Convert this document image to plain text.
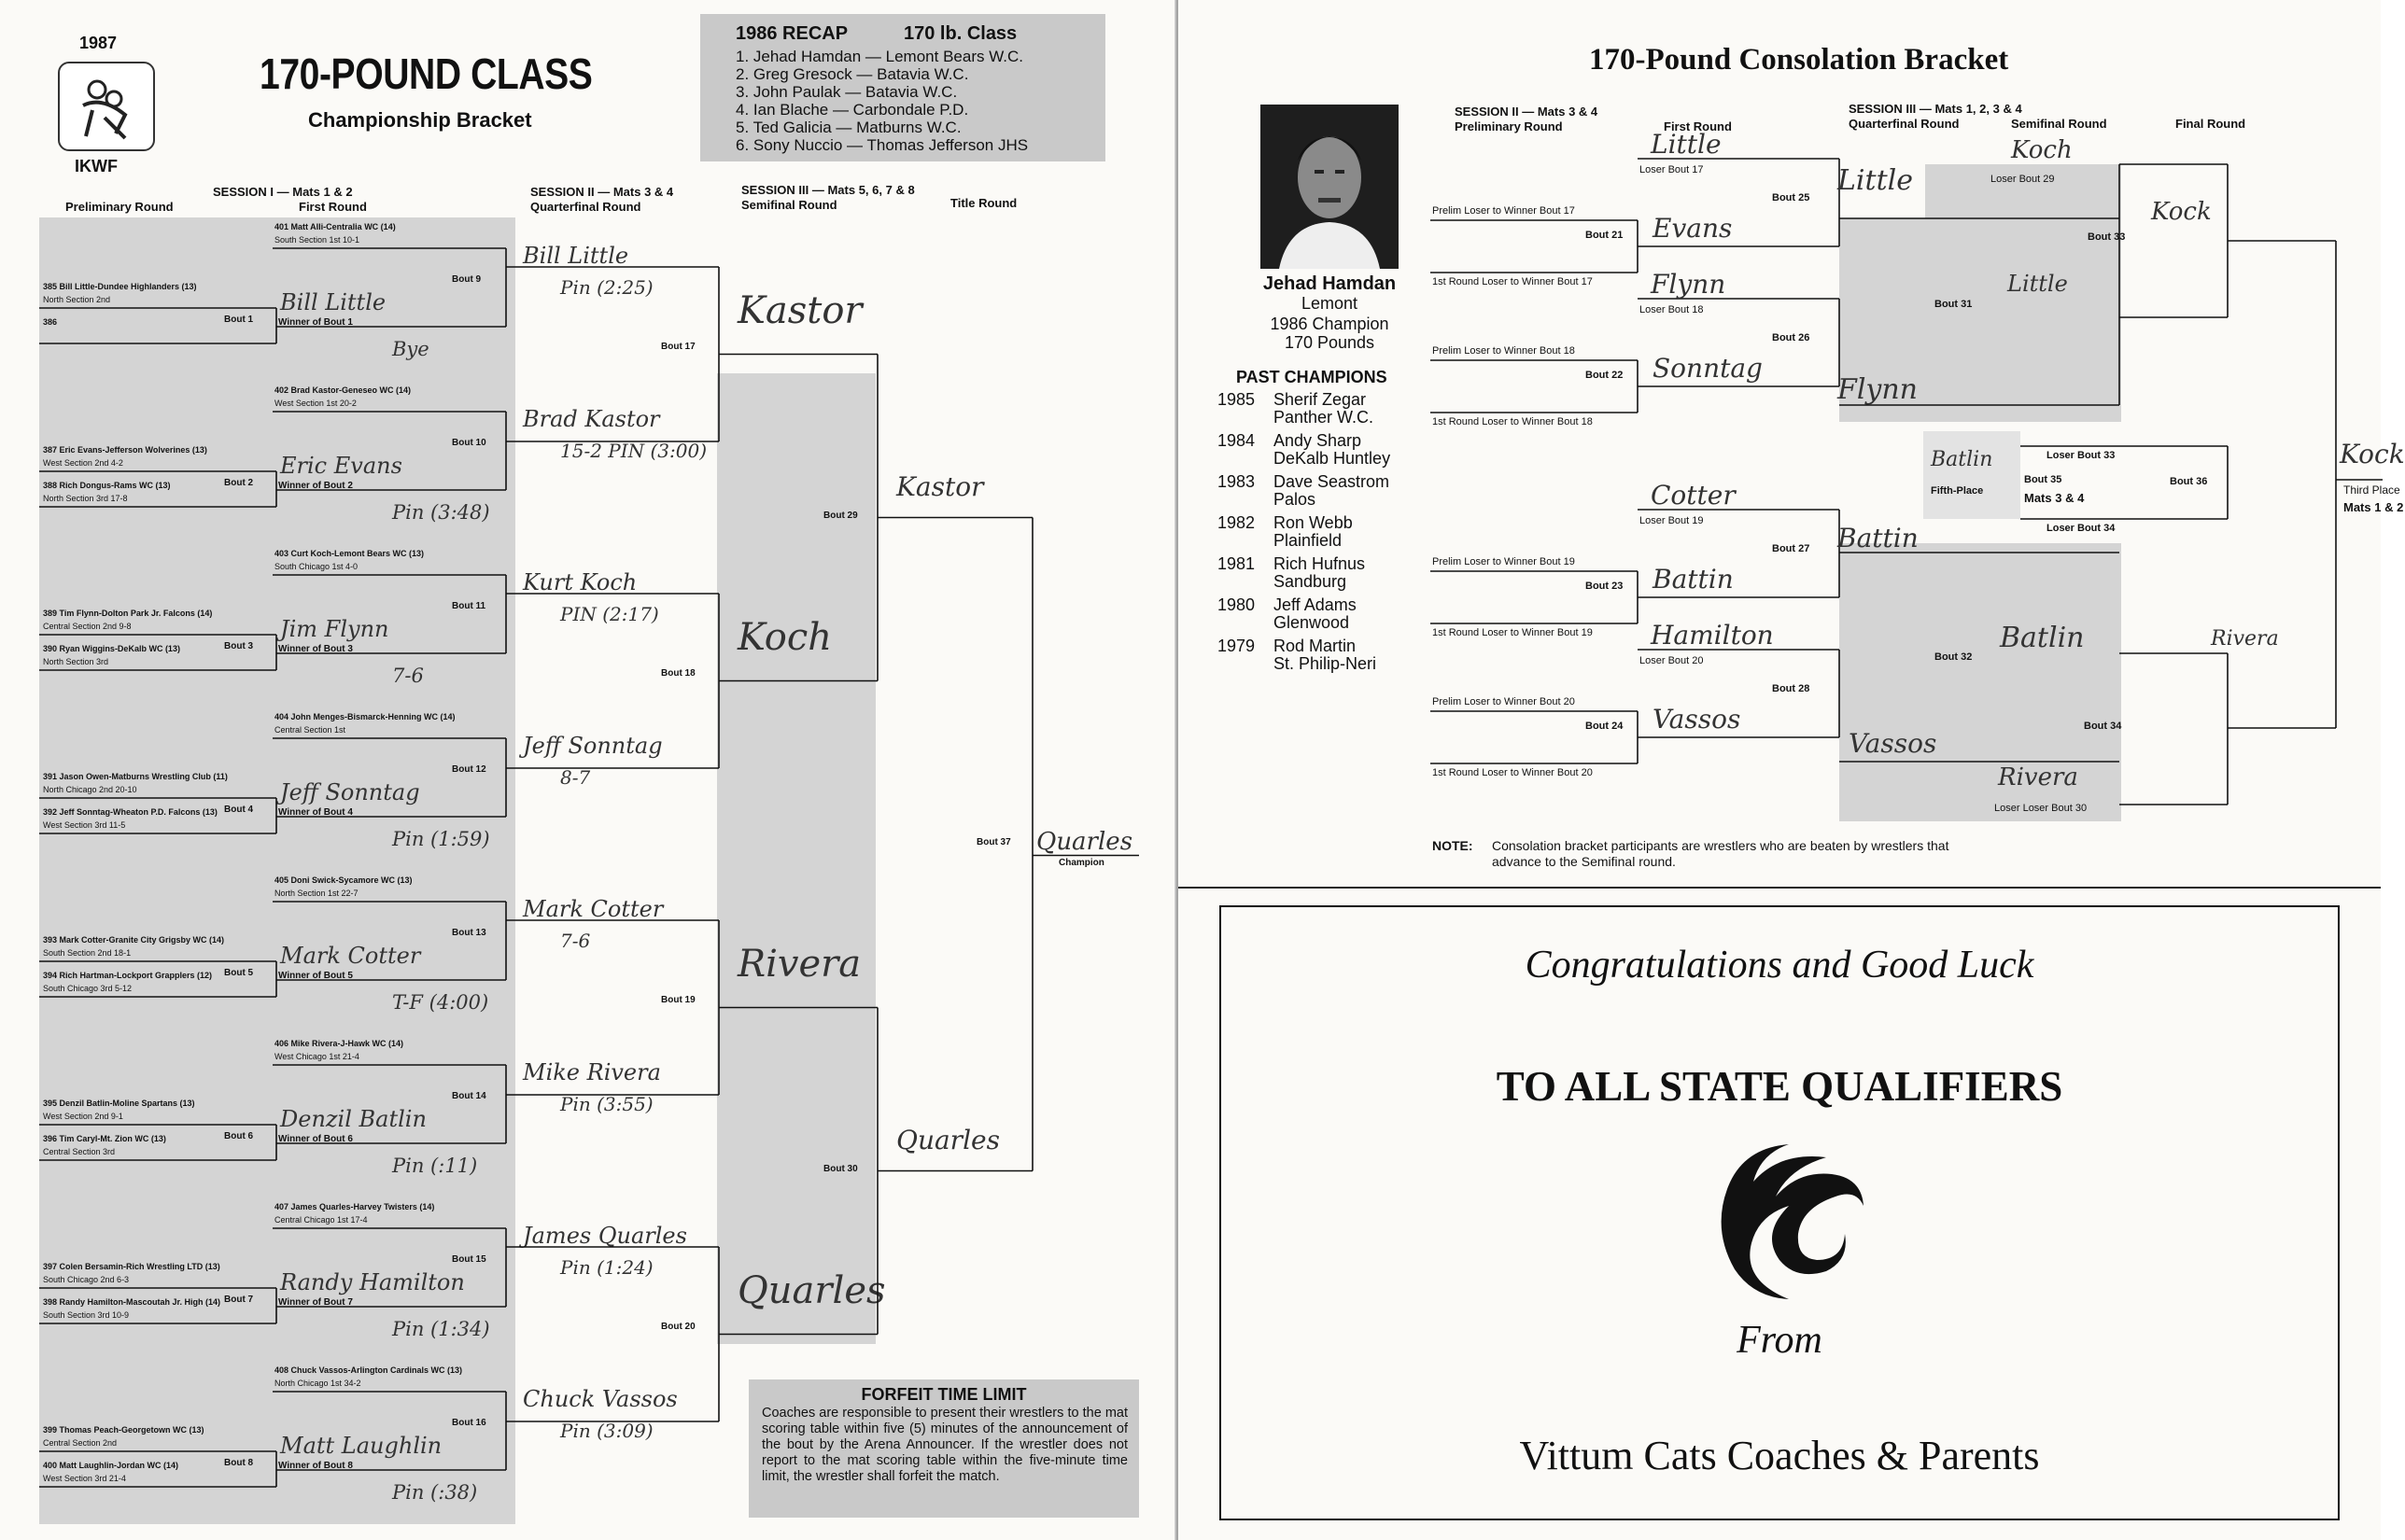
1987
IKWF
170-POUND CLASS
Championship Bracket
1986 RECAP	170 lb. Class
1. Jehad Hamdan — Lemont Bears W.C.
2. Greg Gresock — Batavia W.C.
3. John Paulak — Batavia W.C.
4. Ian Blache — Carbondale P.D.
5. Ted Galicia — Matburns W.C.
6. Sony Nuccio — Thomas Jefferson JHS
Preliminary Round
SESSION I — Mats 1 & 2
First Round
SESSION II — Mats 3 & 4
Quarterfinal Round
SESSION III — Mats 5, 6, 7 & 8
Semifinal Round	Title Round
401 Matt Alli-Centralia WC (14)
South Section 1st 10-1
385 Bill Little-Dundee Highlanders (13)
North Section 2nd
386	Bout 1	Winner of Bout 1
Bout 9
Bill Little
Bye
Bill Little
Pin (2:25)
402 Brad Kastor-Geneseo WC (14)
West Section 1st 20-2
387 Eric Evans-Jefferson Wolverines (13)
West Section 2nd 4-2
388 Rich Dongus-Rams WC (13)
North Section 3rd 17-8
Bout 2	Winner of Bout 2
Bout 10
Eric Evans
Pin (3:48)
Brad Kastor
15-2 PIN (3:00)
403 Curt Koch-Lemont Bears WC (13)
South Chicago 1st 4-0
389 Tim Flynn-Dolton Park Jr. Falcons (14)
Central Section 2nd 9-8
390 Ryan Wiggins-DeKalb WC (13)
North Section 3rd
Bout 3	Winner of Bout 3
Bout 11
Jim Flynn
7-6
Kurt Koch
PIN (2:17)
404 John Menges-Bismarck-Henning WC (14)
Central Section 1st
391 Jason Owen-Matburns Wrestling Club (11)
North Chicago 2nd 20-10
392 Jeff Sonntag-Wheaton P.D. Falcons (13)
West Section 3rd 11-5
Bout 4	Winner of Bout 4
Bout 12
Jeff Sonntag
Pin (1:59)
Jeff Sonntag
8-7
405 Doni Swick-Sycamore WC (13)
North Section 1st 22-7
393 Mark Cotter-Granite City Grigsby WC (14)
South Section 2nd 18-1
394 Rich Hartman-Lockport Grapplers (12)
South Chicago 3rd 5-12
Bout 5	Winner of Bout 5
Bout 13
Mark Cotter
T-F (4:00)
Mark Cotter
7-6
406 Mike Rivera-J-Hawk WC (14)
West Chicago 1st 21-4
395 Denzil Batlin-Moline Spartans (13)
West Section 2nd 9-1
396 Tim Caryl-Mt. Zion WC (13)
Central Section 3rd
Bout 6	Winner of Bout 6
Bout 14
Denzil Batlin
Pin (:11)
Mike Rivera
Pin (3:55)
407 James Quarles-Harvey Twisters (14)
Central Chicago 1st 17-4
397 Colen Bersamin-Rich Wrestling LTD (13)
South Chicago 2nd 6-3
398 Randy Hamilton-Mascoutah Jr. High (14)
South Section 3rd 10-9
Bout 7	Winner of Bout 7
Bout 15
Randy Hamilton
Pin (1:34)
James Quarles
Pin (1:24)
408 Chuck Vassos-Arlington Cardinals WC (13)
North Chicago 1st 34-2
399 Thomas Peach-Georgetown WC (13)
Central Section 2nd
400 Matt Laughlin-Jordan WC (14)
West Section 3rd 21-4
Bout 8	Winner of Bout 8
Bout 16
Matt Laughlin
Pin (:38)
Chuck Vassos
Pin (3:09)
Bout 17
Kastor
Bout 18
Koch
Bout 19
Rivera
Bout 20
Quarles
Bout 29
Kastor
Bout 30
Quarles
Bout 37
Champion
Quarles
FORFEIT TIME LIMIT
Coaches are responsible to present their wrestlers to the mat scoring table within five (5) minutes of the announcement of the bout by the Arena Announcer. If the wrestler does not report to the mat scoring table within the five-minute time limit, the wrestler shall forfeit the match.
170-Pound Consolation Bracket
Jehad Hamdan
Lemont
1986 Champion
170 Pounds
PAST CHAMPIONS
1985 Sherif Zegar
Panther W.C.
1984 Andy Sharp
DeKalb Huntley
1983 Dave Seastrom
Palos
1982 Ron Webb
Plainfield
1981 Rich Hufnus
Sandburg
1980 Jeff Adams
Glenwood
1979 Rod Martin
St. Philip-Neri
SESSION II — Mats 3 & 4
Preliminary Round	First Round
SESSION III — Mats 1, 2, 3 & 4
Quarterfinal Round	Semifinal Round	Final Round
Prelim Loser to Winner Bout 17
Bout 21
1st Round Loser to Winner Bout 17
Loser Bout 17
Bout 25
Little
Evans
Prelim Loser to Winner Bout 18
Bout 22
1st Round Loser to Winner Bout 18
Loser Bout 18
Bout 26
Flynn
Sonntag
Prelim Loser to Winner Bout 19
Bout 23
1st Round Loser to Winner Bout 19
Loser Bout 19
Bout 27
Cotter
Battin
Prelim Loser to Winner Bout 20
Bout 24
1st Round Loser to Winner Bout 20
Loser Bout 20
Bout 28
Hamilton
Vassos
Little
Flynn
Bout 31
Battin
Vassos
Bout 32
Loser Bout 29
Koch
Little
Bout 33
Kock
Rivera
Loser Loser Bout 30
Rivera
Batlin
Bout 34
Loser Bout 33
Loser Bout 34
Bout 35
Mats 3 & 4
Fifth-Place
Batlin
Bout 36
Third Place
Mats 1 & 2
Kock
NOTE: Consolation bracket participants are wrestlers who are beaten by wrestlers that advance to the Semifinal round.
Congratulations and Good Luck
TO ALL STATE QUALIFIERS
From
Vittum Cats Coaches & Parents
